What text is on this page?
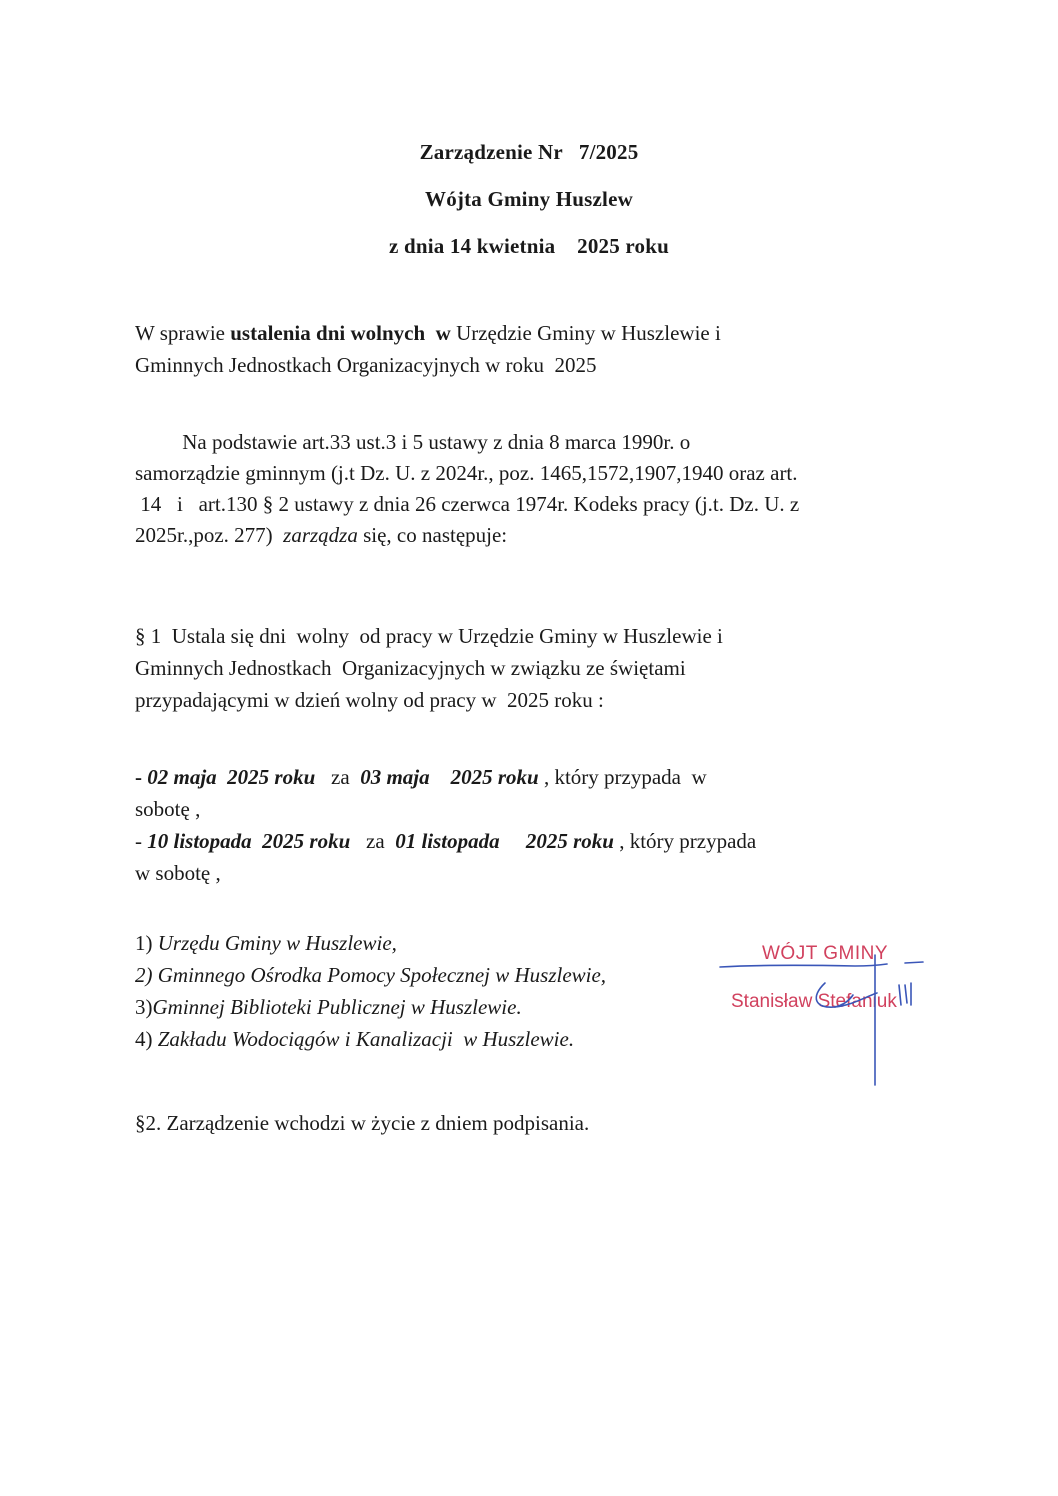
Zarządzenie Nr   7/2025
Wójta Gminy Huszlew
z dnia 14 kwietnia    2025 roku
W sprawie ustalenia dni wolnych  w Urzędzie Gminy w Huszlewie i
Gminnych Jednostkach Organizacyjnych w roku  2025
Na podstawie art.33 ust.3 i 5 ustawy z dnia 8 marca 1990r. o
samorządzie gminnym (j.t Dz. U. z 2024r., poz. 1465,1572,1907,1940 oraz art.
14   i   art.130 § 2 ustawy z dnia 26 czerwca 1974r. Kodeks pracy (j.t. Dz. U. z
2025r.,poz. 277)  zarządza się, co następuje:
§ 1  Ustala się dni  wolny  od pracy w Urzędzie Gminy w Huszlewie i
Gminnych Jednostkach  Organizacyjnych w związku ze świętami
przypadającymi w dzień wolny od pracy w  2025 roku :
- 02 maja  2025 roku   za  03 maja    2025 roku , który przypada  w
sobotę ,
- 10 listopada  2025 roku   za  01 listopada     2025 roku , który przypada
w sobotę ,
1) Urzędu Gminy w Huszlewie,
2) Gminnego Ośrodka Pomocy Społecznej w Huszlewie,
3)Gminnej Biblioteki Publicznej w Huszlewie.
4) Zakładu Wodociągów i Kanalizacji  w Huszlewie.
§2. Zarządzenie wchodzi w życie z dniem podpisania.
WÓJT GMINY
Stanisław Stefaniuk
